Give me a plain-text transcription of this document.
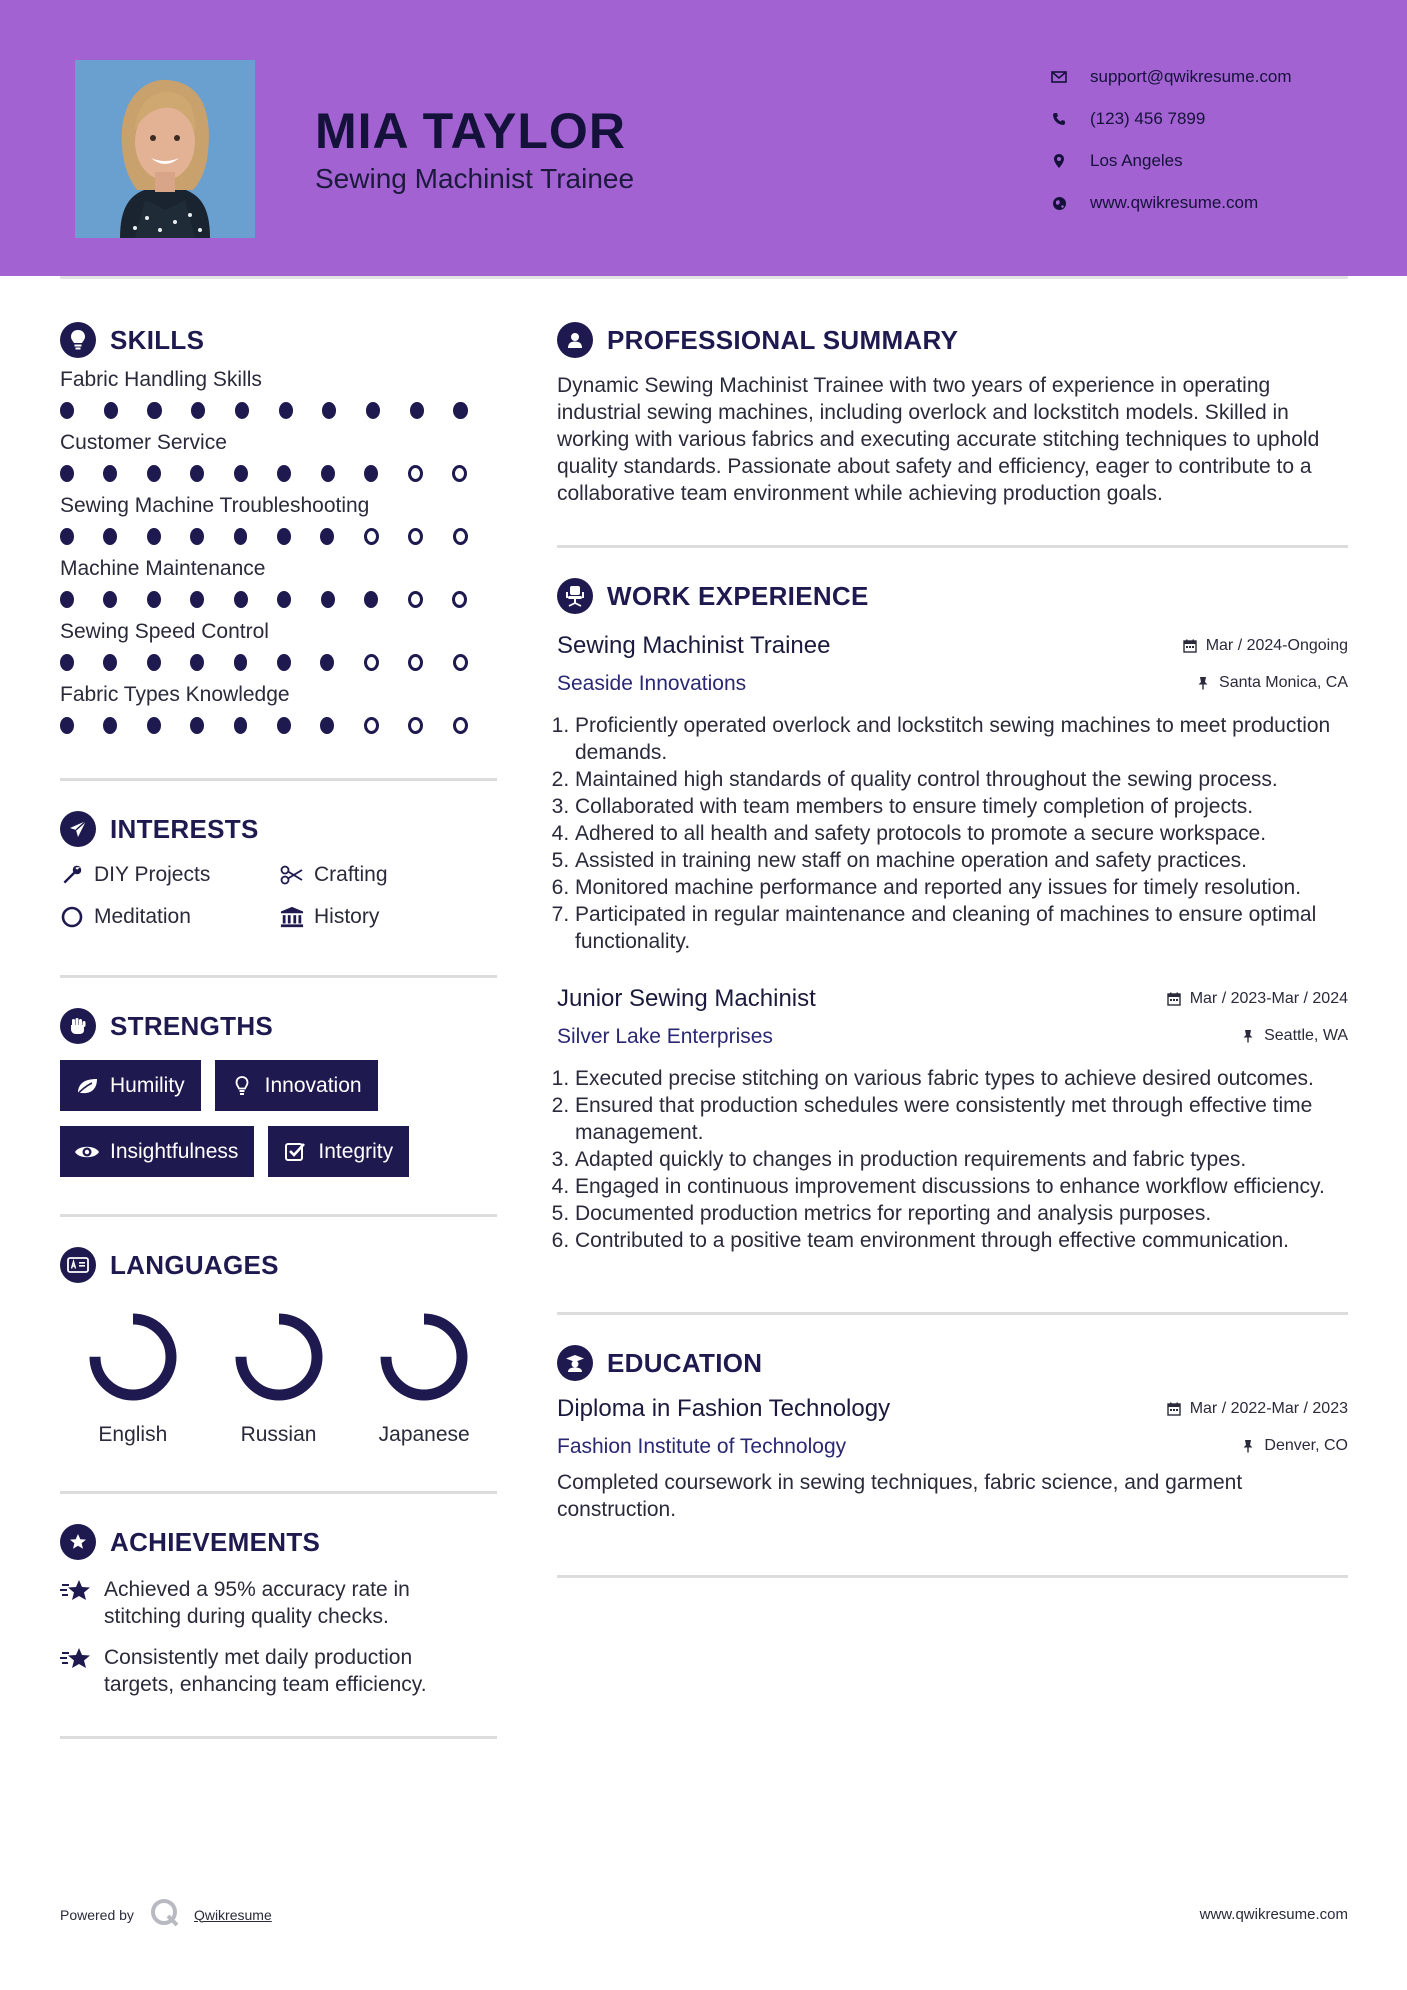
MIA TAYLOR
Sewing Machinist Trainee
support@qwikresume.com
(123) 456 7899
Los Angeles
www.qwikresume.com
SKILLS
Fabric Handling Skills
Customer Service
Sewing Machine Troubleshooting
Machine Maintenance
Sewing Speed Control
Fabric Types Knowledge
INTERESTS
DIY Projects	Crafting
Meditation	History
STRENGTHS
Humility	Innovation
Insightfulness	Integrity
LANGUAGES
English	Russian	Japanese
ACHIEVEMENTS
Achieved a 95% accuracy rate in stitching during quality checks.
Consistently met daily production targets, enhancing team efficiency.
PROFESSIONAL SUMMARY
Dynamic Sewing Machinist Trainee with two years of experience in operating industrial sewing machines, including overlock and lockstitch models. Skilled in working with various fabrics and executing accurate stitching techniques to uphold quality standards. Passionate about safety and efficiency, eager to contribute to a collaborative team environment while achieving production goals.
WORK EXPERIENCE
Sewing Machinist Trainee	Mar / 2024-Ongoing
Seaside Innovations	Santa Monica, CA
1. Proficiently operated overlock and lockstitch sewing machines to meet production demands.
2. Maintained high standards of quality control throughout the sewing process.
3. Collaborated with team members to ensure timely completion of projects.
4. Adhered to all health and safety protocols to promote a secure workspace.
5. Assisted in training new staff on machine operation and safety practices.
6. Monitored machine performance and reported any issues for timely resolution.
7. Participated in regular maintenance and cleaning of machines to ensure optimal functionality.
Junior Sewing Machinist	Mar / 2023-Mar / 2024
Silver Lake Enterprises	Seattle, WA
1. Executed precise stitching on various fabric types to achieve desired outcomes.
2. Ensured that production schedules were consistently met through effective time management.
3. Adapted quickly to changes in production requirements and fabric types.
4. Engaged in continuous improvement discussions to enhance workflow efficiency.
5. Documented production metrics for reporting and analysis purposes.
6. Contributed to a positive team environment through effective communication.
EDUCATION
Diploma in Fashion Technology	Mar / 2022-Mar / 2023
Fashion Institute of Technology	Denver, CO
Completed coursework in sewing techniques, fabric science, and garment construction.
Powered by	Qwikresume	www.qwikresume.com
